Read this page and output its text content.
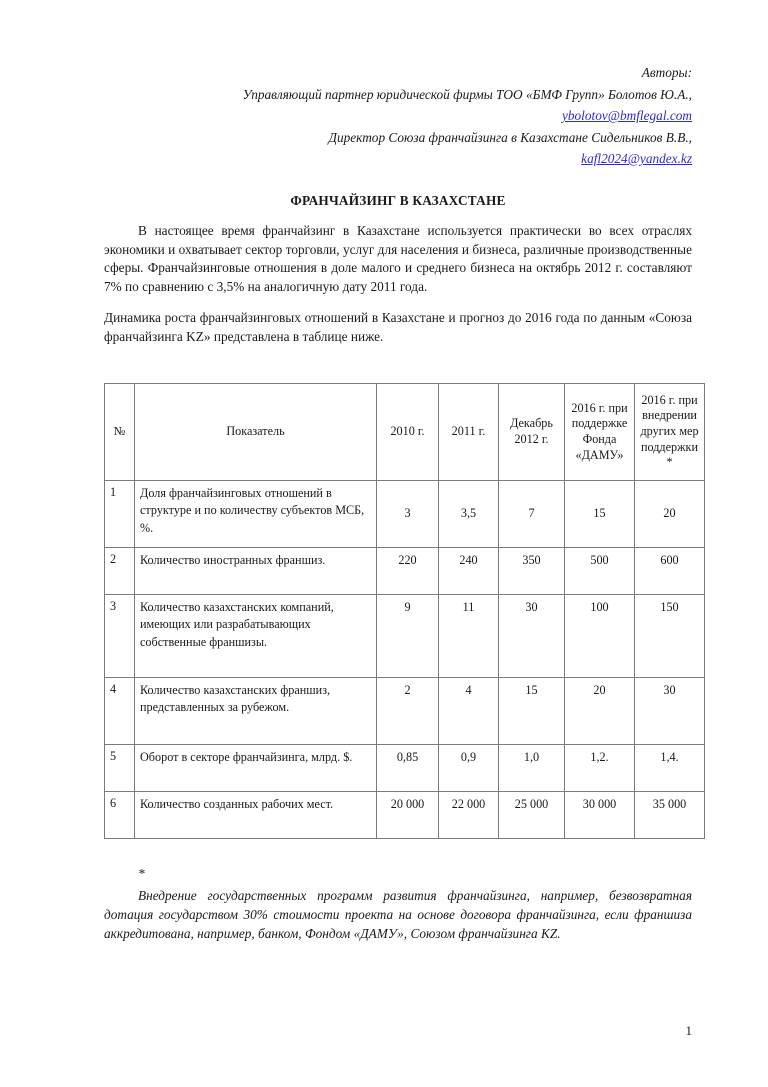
Авторы:
Управляющий партнер юридической фирмы ТОО «БМФ Групп» Болотов Ю.А.,
ybolotov@bmflegal.com
Директор Союза франчайзинга в Казахстане Сидельников В.В.,
kafl2024@yandex.kz
ФРАНЧАЙЗИНГ В КАЗАХСТАНЕ

В настоящее время франчайзинг в Казахстане используется практически во всех отраслях экономики и охватывает сектор торговли, услуг для населения и бизнеса, различные производственные сферы. Франчайзинговые отношения в доле малого и среднего бизнеса на октябрь 2012 г. составляют 7% по сравнению с 3,5% на аналогичную дату 2011 года.

Динамика роста франчайзинговых отношений в Казахстане и прогноз до 2016 года по данным «Союза франчайзинга KZ» представлена в таблице ниже.

№	Показатель	2010 г.	2011 г.	Декабрь 2012 г.	2016 г. при поддержке Фонда «ДАМУ»	2016 г. при внедрении других мер поддержки *
1	Доля франчайзинговых отношений в структуре и по количеству субъектов МСБ, %.	3	3,5	7	15	20
2	Количество иностранных франшиз.	220	240	350	500	600
3	Количество казахстанских компаний, имеющих или разрабатывающих собственные франшизы.	9	11	30	100	150
4	Количество казахстанских франшиз, представленных за рубежом.	2	4	15	20	30
5	Оборот в секторе франчайзинга, млрд. $.	0,85	0,9	1,0	1,2.	1,4.
6	Количество созданных рабочих мест.	20 000	22 000	25 000	30 000	35 000
*

Внедрение государственных программ развития франчайзинга, например, безвозвратная дотация государством 30% стоимости проекта на основе договора франчайзинга, если франшиза аккредитована, например, банком, Фондом «ДАМУ», Союзом франчайзинга KZ.

1
